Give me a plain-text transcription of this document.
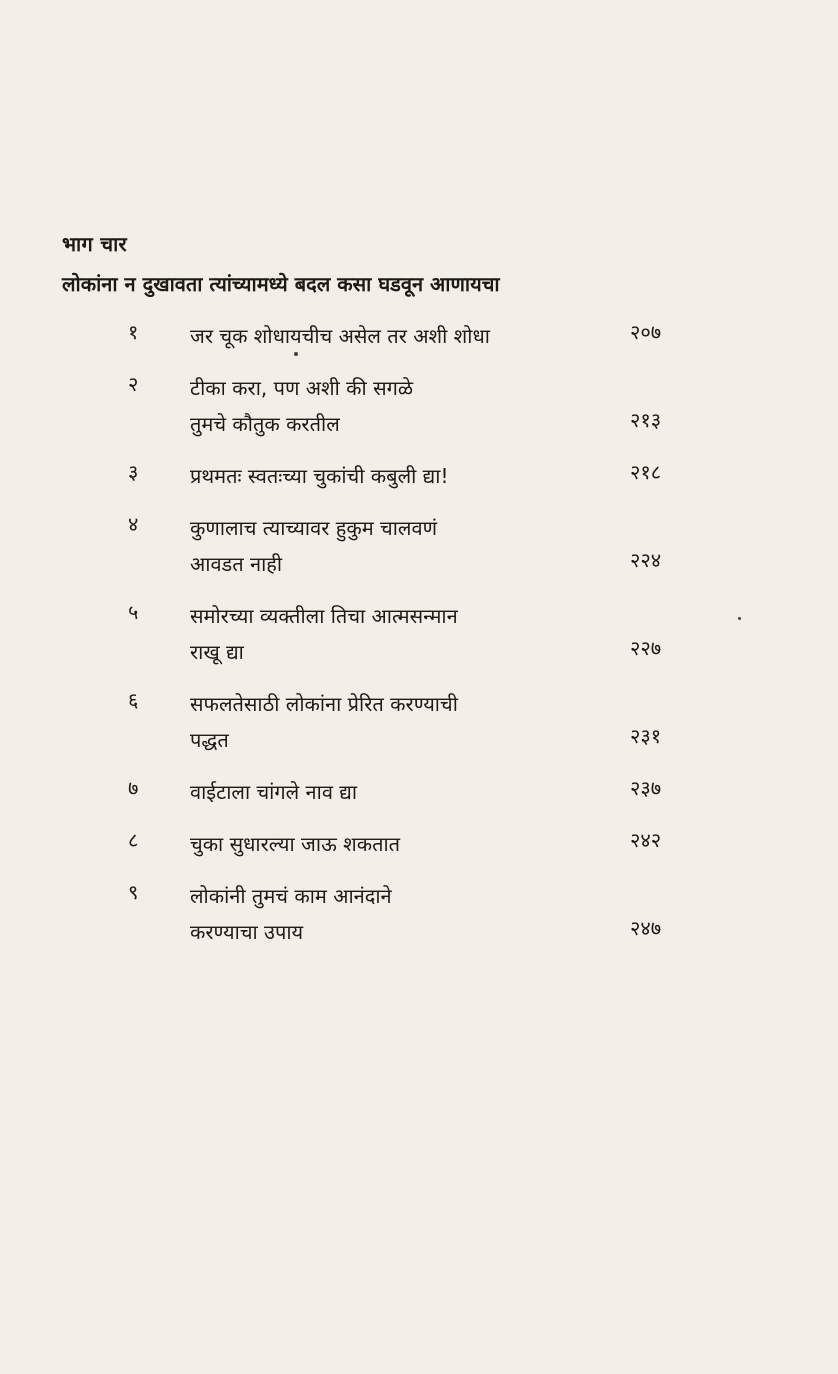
भाग चार
लोकांना न दुखावता त्यांच्यामध्ये बदल कसा घडवून आणायचा
१	जर चूक शोधायचीच असेल तर अशी शोधा	२०७
२	टीका करा, पण अशी की सगळे
तुमचे कौतुक करतील	२१३
३	प्रथमतः स्वतःच्या चुकांची कबुली द्या!	२१८
४	कुणालाच त्याच्यावर हुकुम चालवणं
आवडत नाही	२२४
५	समोरच्या व्यक्तीला तिचा आत्मसन्मान
राखू द्या	२२७
६	सफलतेसाठी लोकांना प्रेरित करण्याची
पद्धत	२३१
७	वाईटाला चांगले नाव द्या	२३७
८	चुका सुधारल्या जाऊ शकतात	२४२
९	लोकांनी तुमचं काम आनंदाने
करण्याचा उपाय	२४७
